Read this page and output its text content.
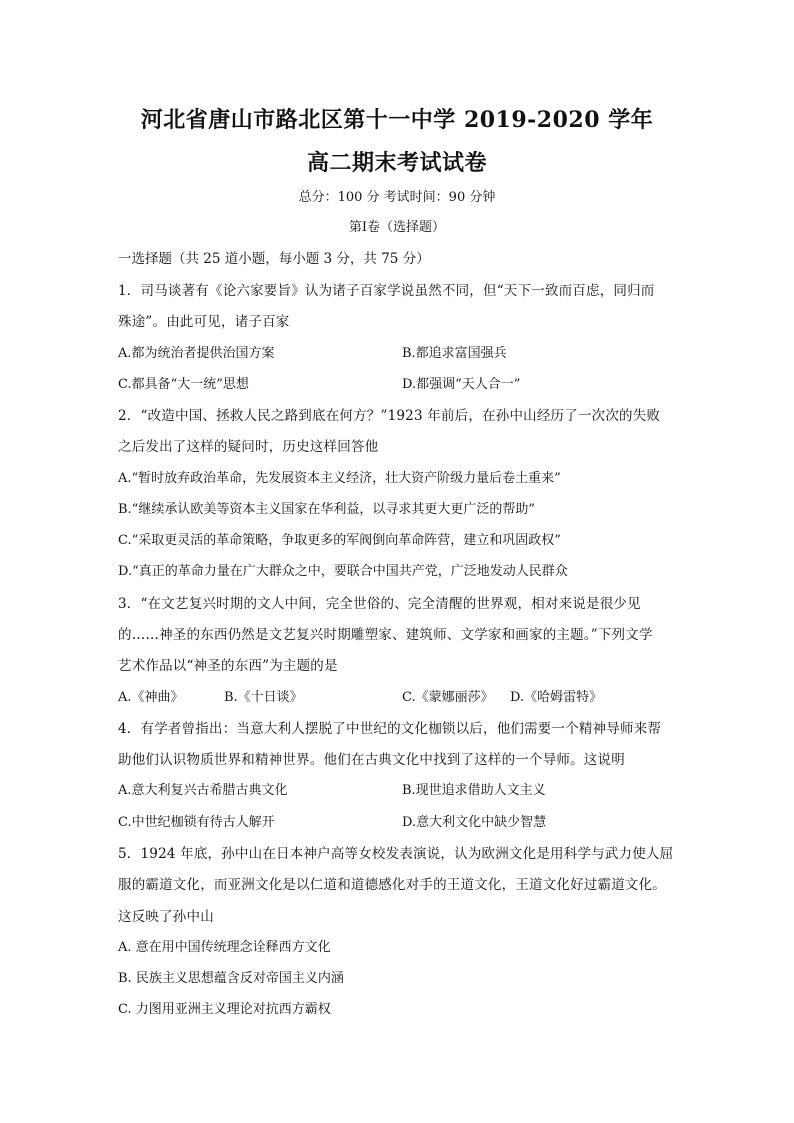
河北省唐山市路北区第十一中学 2019-2020 学年
高二期末考试试卷
总分：100 分 考试时间：90 分钟
第Ⅰ卷（选择题）
一选择题（共 25 道小题，每小题 3 分，共 75 分）
1．司马谈著有《论六家要旨》认为诸子百家学说虽然不同，但“天下一致而百虑，同归而
殊途”。由此可见，诸子百家
A.都为统治者提供治国方案	B.都追求富国强兵
C.都具备“大一统”思想	D.都强调“天人合一”
2．“改造中国、拯救人民之路到底在何方？”1923 年前后，在孙中山经历了一次次的失败
之后发出了这样的疑问时，历史这样回答他
A.“暂时放弃政治革命，先发展资本主义经济，壮大资产阶级力量后卷土重来”
B.“继续承认欧美等资本主义国家在华利益，以寻求其更大更广泛的帮助”
C.“采取更灵活的革命策略，争取更多的军阀倒向革命阵营，建立和巩固政权”
D.“真正的革命力量在广大群众之中，要联合中国共产党，广泛地发动人民群众
3．“在文艺复兴时期的文人中间，完全世俗的、完全清醒的世界观，相对来说是很少见
的……神圣的东西仍然是文艺复兴时期雕塑家、建筑师、文学家和画家的主题。”下列文学
艺术作品以“神圣的东西”为主题的是
A.《神曲》	B.《十日谈》	C.《蒙娜丽莎》 D.《哈姆雷特》
4．有学者曾指出：当意大利人摆脱了中世纪的文化枷锁以后，他们需要一个精神导师来帮
助他们认识物质世界和精神世界。他们在古典文化中找到了这样的一个导师。这说明
A.意大利复兴古希腊古典文化	B.现世追求借助人文主义
C.中世纪枷锁有待古人解开	D.意大利文化中缺少智慧
5．1924 年底，孙中山在日本神户高等女校发表演说，认为欧洲文化是用科学与武力使人屈
服的霸道文化，而亚洲文化是以仁道和道德感化对手的王道文化，王道文化好过霸道文化。
这反映了孙中山
A. 意在用中国传统理念诠释西方文化
B. 民族主义思想蕴含反对帝国主义内涵
C. 力图用亚洲主义理论对抗西方霸权
